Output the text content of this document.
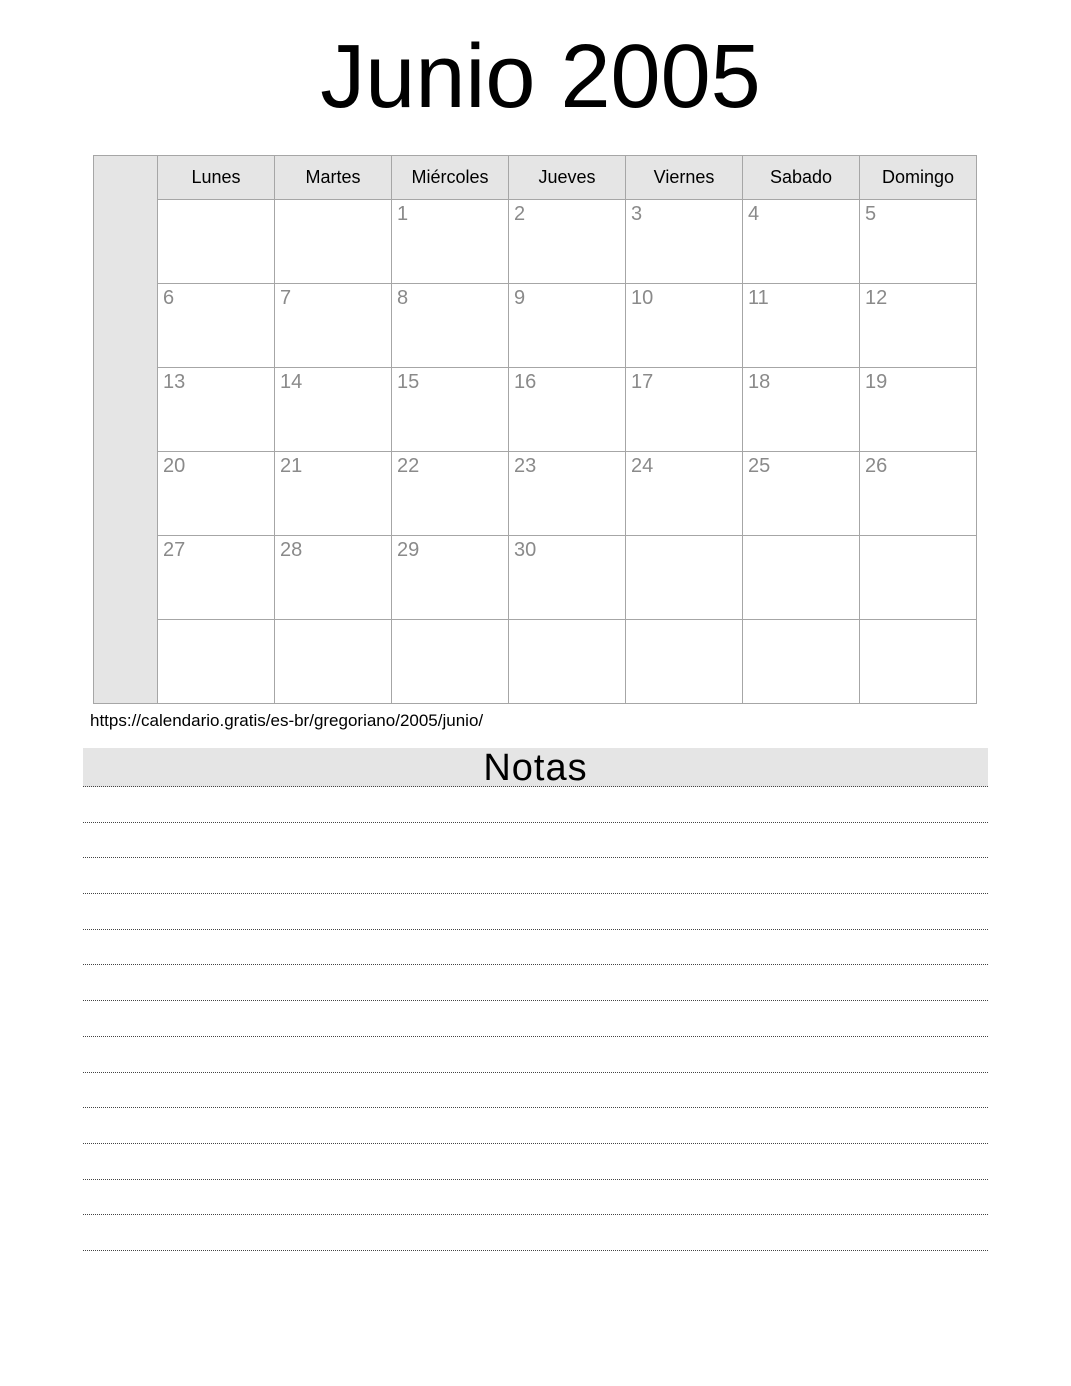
Junio 2005
	Lunes	Martes	Miércoles	Jueves	Viernes	Sabado	Domingo
			1	2	3	4	5
	6	7	8	9	10	11	12
	13	14	15	16	17	18	19
	20	21	22	23	24	25	26
	27	28	29	30			

https://calendario.gratis/es-br/gregoriano/2005/junio/
Notas
